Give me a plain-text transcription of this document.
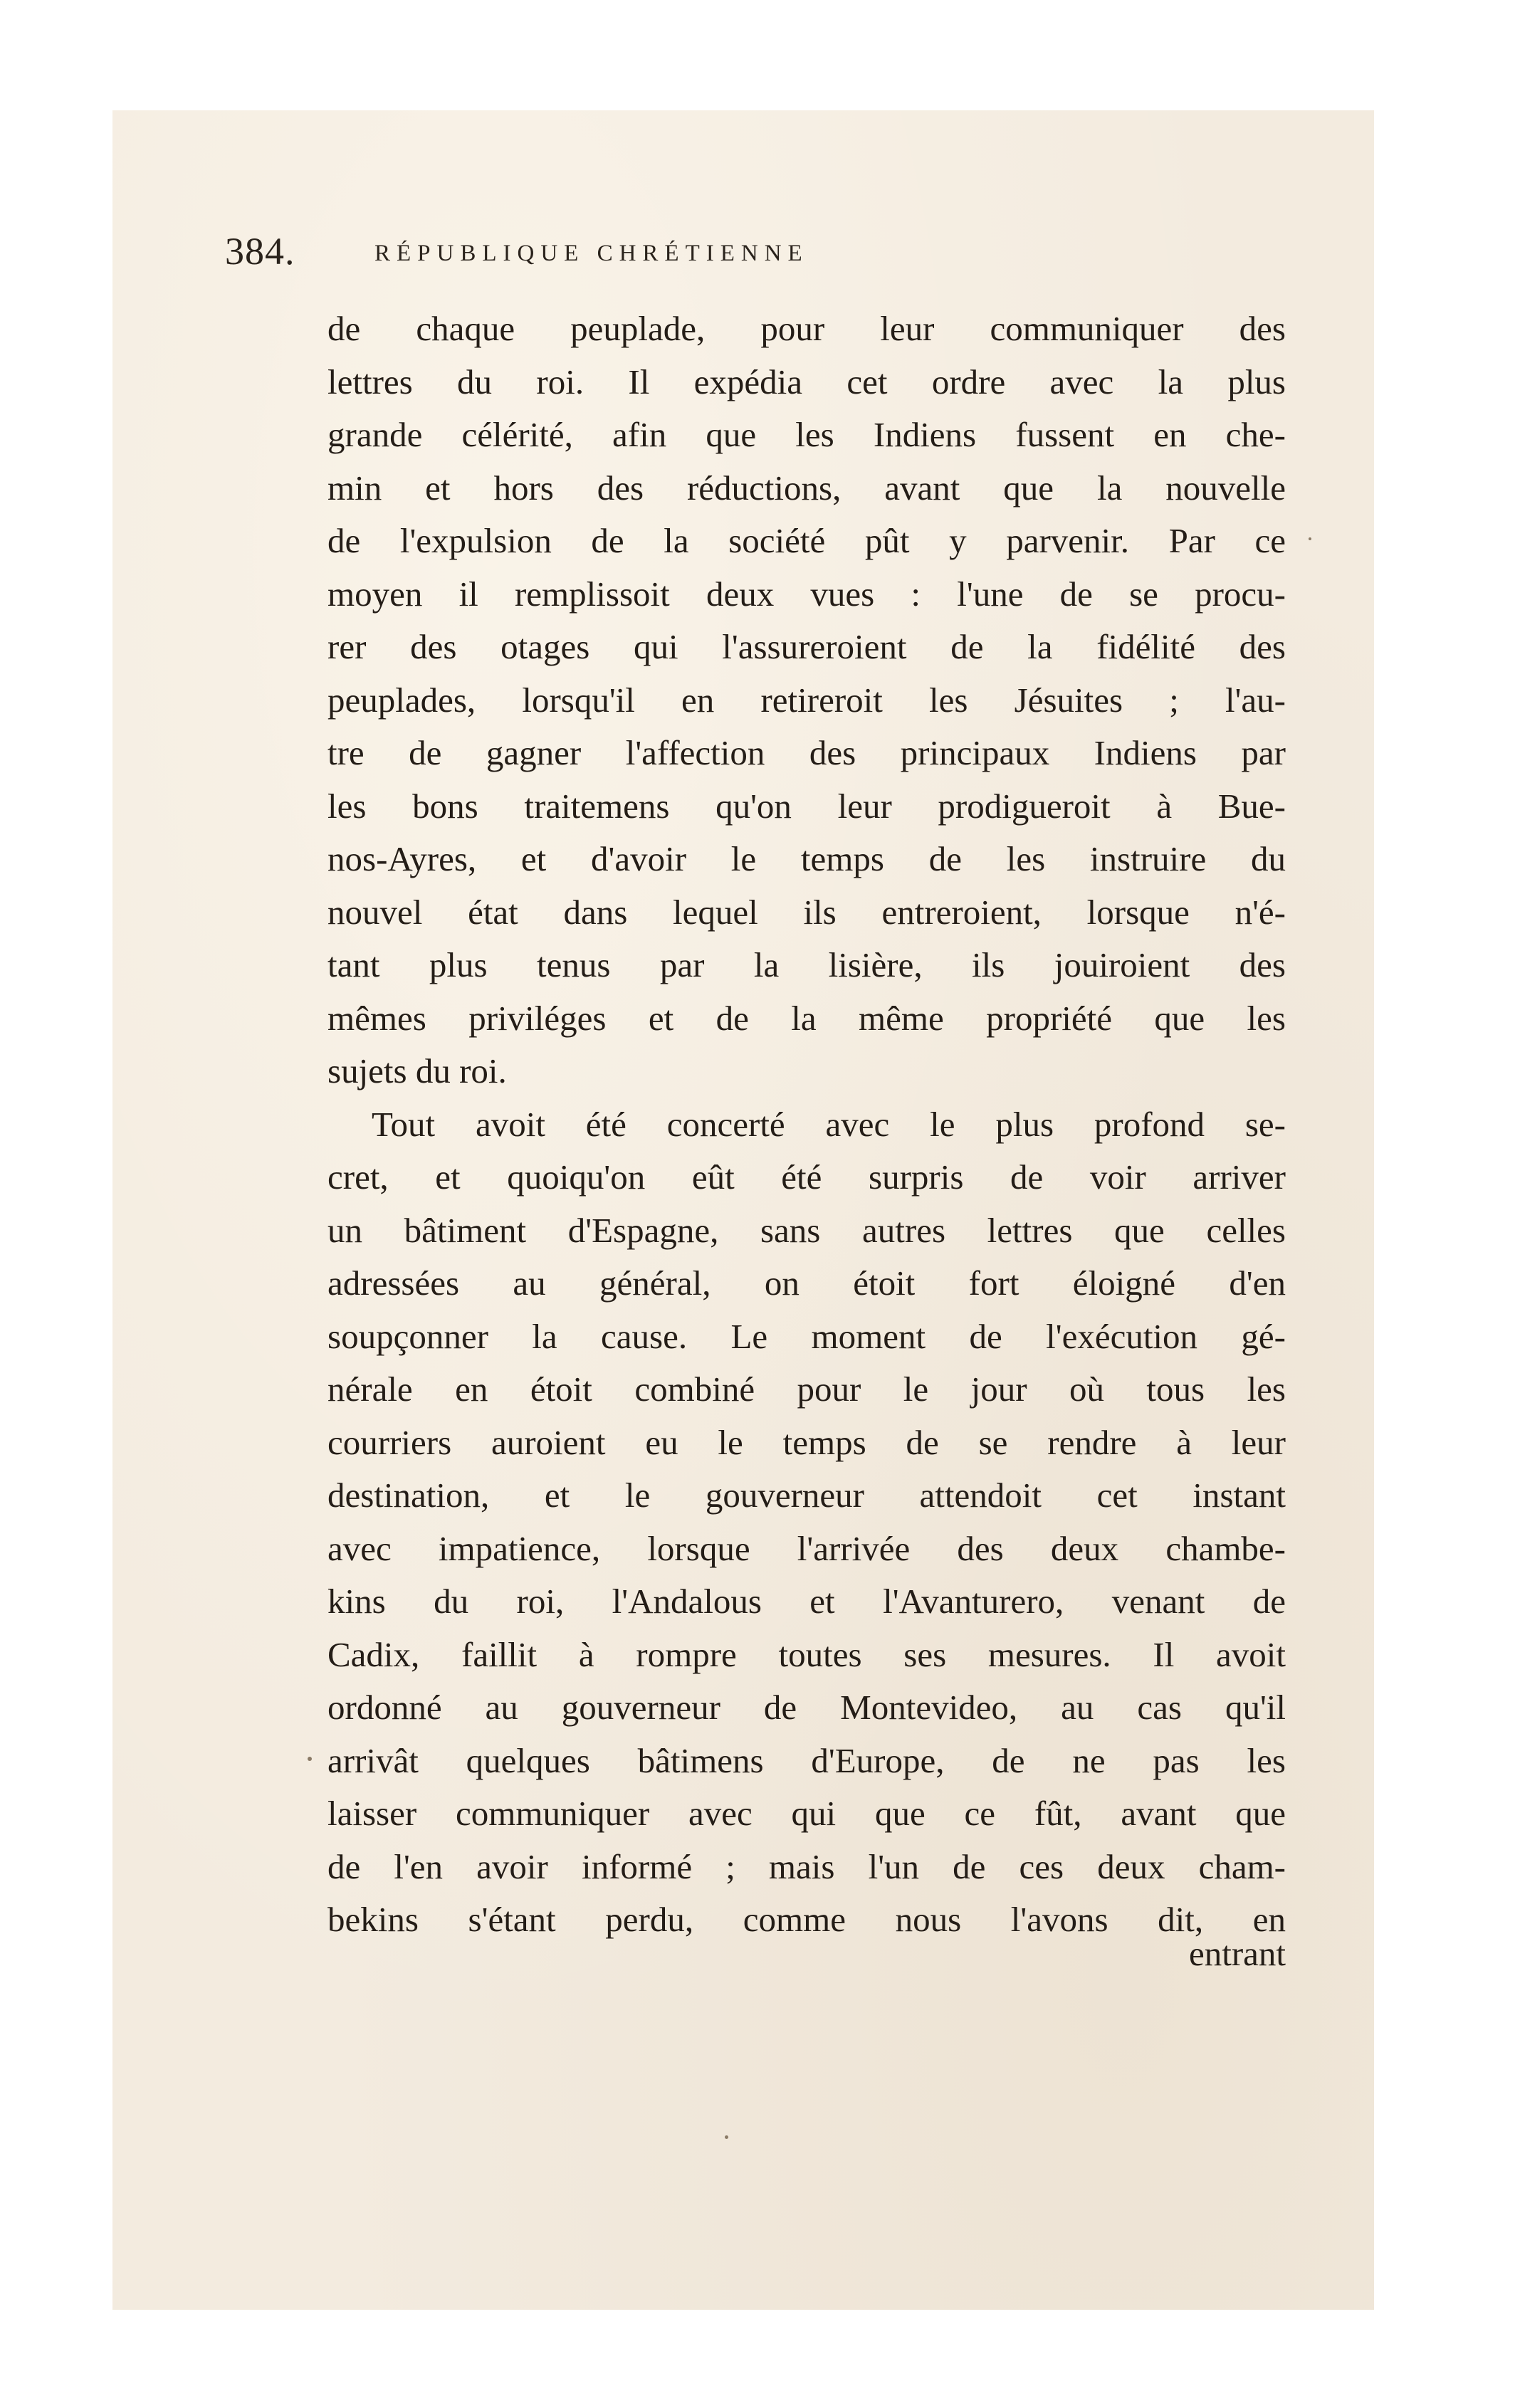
384.	RÉPUBLIQUE CHRÉTIENNE
de chaque peuplade, pour leur communiquer des
lettres du roi. Il expédia cet ordre avec la plus
grande célérité, afin que les Indiens fussent en che-
min et hors des réductions, avant que la nouvelle
de l'expulsion de la société pût y parvenir. Par ce
moyen il remplissoit deux vues : l'une de se procu-
rer des otages qui l'assureroient de la fidélité des
peuplades, lorsqu'il en retireroit les Jésuites ; l'au-
tre de gagner l'affection des principaux Indiens par
les bons traitemens qu'on leur prodigueroit à Bue-
nos-Ayres, et d'avoir le temps de les instruire du
nouvel état dans lequel ils entreroient, lorsque n'é-
tant plus tenus par la lisière, ils jouiroient des
mêmes priviléges et de la même propriété que les
sujets du roi.
Tout avoit été concerté avec le plus profond se-
cret, et quoiqu'on eût été surpris de voir arriver
un bâtiment d'Espagne, sans autres lettres que celles
adressées au général, on étoit fort éloigné d'en
soupçonner la cause. Le moment de l'exécution gé-
nérale en étoit combiné pour le jour où tous les
courriers auroient eu le temps de se rendre à leur
destination, et le gouverneur attendoit cet instant
avec impatience, lorsque l'arrivée des deux chambe-
kins du roi, l'Andalous et l'Avanturero, venant de
Cadix, faillit à rompre toutes ses mesures. Il avoit
ordonné au gouverneur de Montevideo, au cas qu'il
arrivât quelques bâtimens d'Europe, de ne pas les
laisser communiquer avec qui que ce fût, avant que
de l'en avoir informé ; mais l'un de ces deux cham-
bekins s'étant perdu, comme nous l'avons dit, en
entrant
